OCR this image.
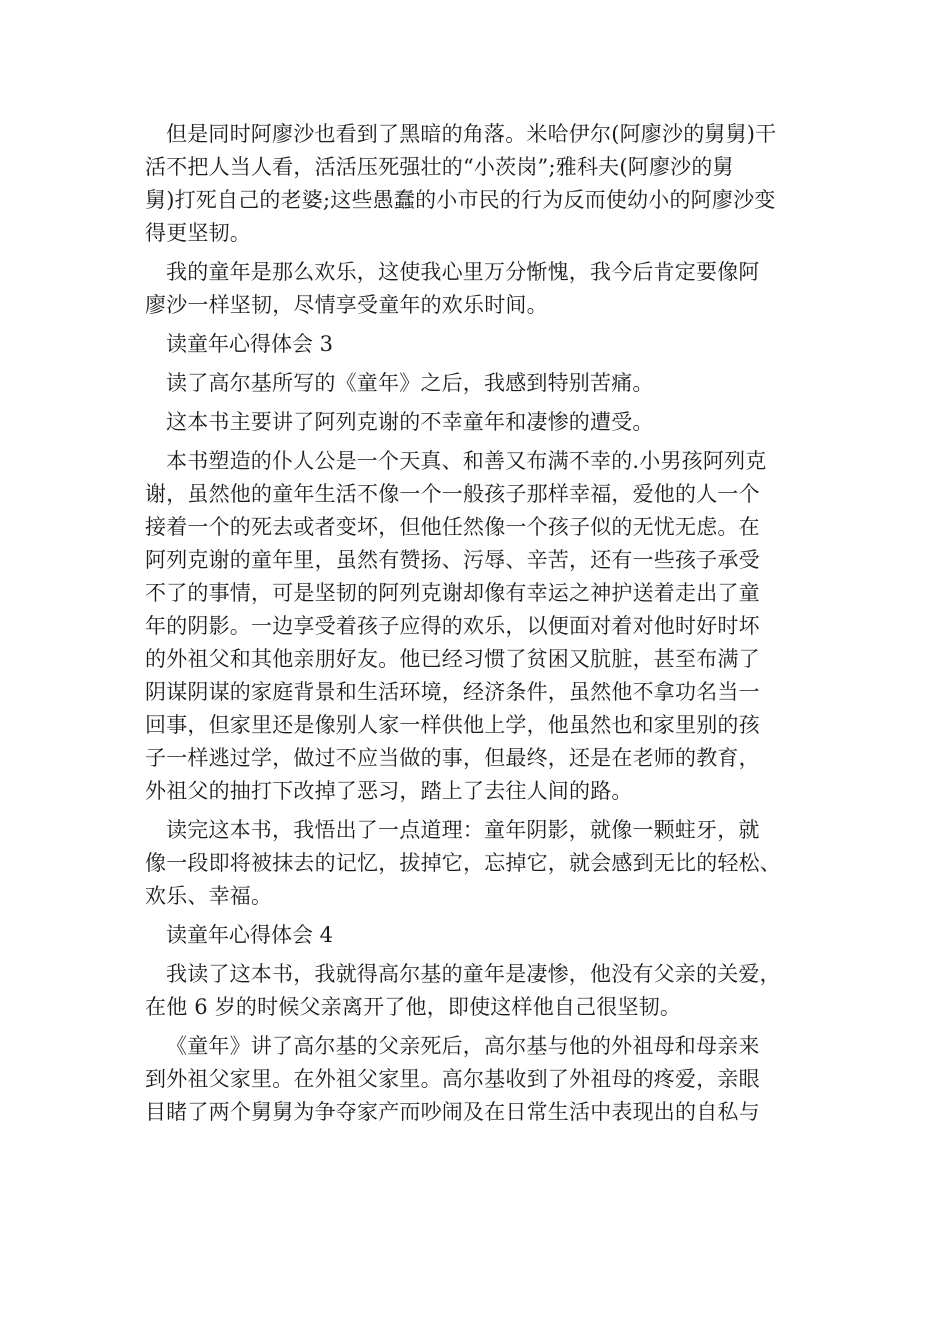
但是同时阿廖沙也看到了黑暗的角落。米哈伊尔(阿廖沙的舅舅)干
活不把人当人看，活活压死强壮的“小茨岗”;雅科夫(阿廖沙的舅
舅)打死自己的老婆;这些愚蠢的小市民的行为反而使幼小的阿廖沙变
得更坚韧。
我的童年是那么欢乐，这使我心里万分惭愧，我今后肯定要像阿
廖沙一样坚韧，尽情享受童年的欢乐时间。
读童年心得体会 3
读了高尔基所写的《童年》之后，我感到特别苦痛。
这本书主要讲了阿列克谢的不幸童年和凄惨的遭受。
本书塑造的仆人公是一个天真、和善又布满不幸的.小男孩阿列克
谢，虽然他的童年生活不像一个一般孩子那样幸福，爱他的人一个
接着一个的死去或者变坏，但他任然像一个孩子似的无忧无虑。在
阿列克谢的童年里，虽然有赞扬、污辱、辛苦，还有一些孩子承受
不了的事情，可是坚韧的阿列克谢却像有幸运之神护送着走出了童
年的阴影。一边享受着孩子应得的欢乐，以便面对着对他时好时坏
的外祖父和其他亲朋好友。他已经习惯了贫困又肮脏，甚至布满了
阴谋阴谋的家庭背景和生活环境，经济条件，虽然他不拿功名当一
回事，但家里还是像别人家一样供他上学，他虽然也和家里别的孩
子一样逃过学，做过不应当做的事，但最终，还是在老师的教育，
外祖父的抽打下改掉了恶习，踏上了去往人间的路。
读完这本书，我悟出了一点道理：童年阴影，就像一颗蛀牙，就
像一段即将被抹去的记忆，拔掉它，忘掉它，就会感到无比的轻松、
欢乐、幸福。
读童年心得体会 4
我读了这本书，我就得高尔基的童年是凄惨，他没有父亲的关爱，
在他 6 岁的时候父亲离开了他，即使这样他自己很坚韧。
《童年》讲了高尔基的父亲死后，高尔基与他的外祖母和母亲来
到外祖父家里。在外祖父家里。高尔基收到了外祖母的疼爱，亲眼
目睹了两个舅舅为争夺家产而吵闹及在日常生活中表现出的自私与
